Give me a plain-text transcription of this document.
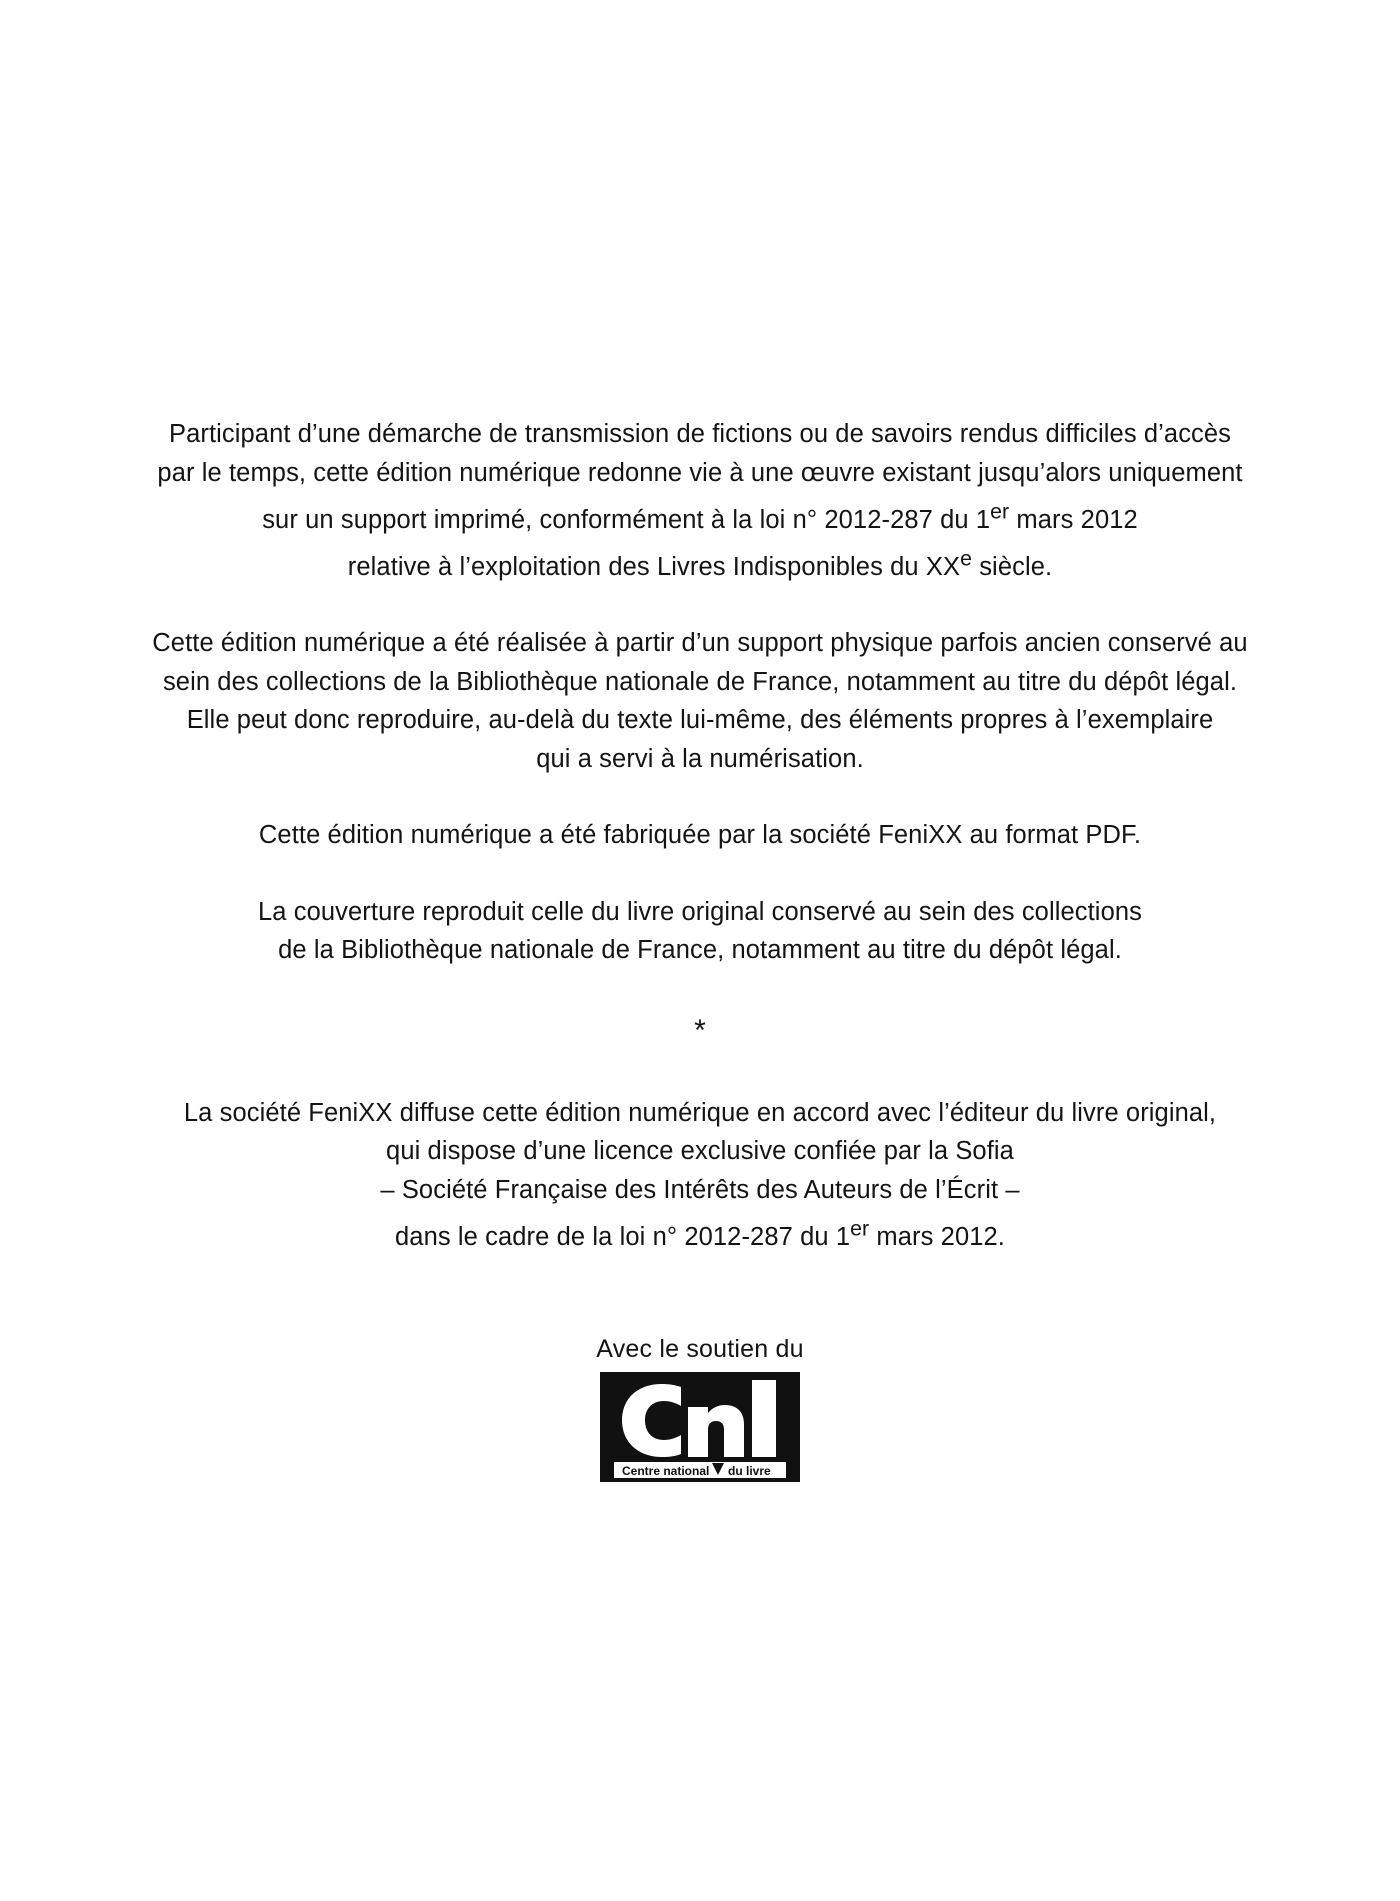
Participant d’une démarche de transmission de fictions ou de savoirs rendus difficiles d’accès
par le temps, cette édition numérique redonne vie à une œuvre existant jusqu’alors uniquement
sur un support imprimé, conformément à la loi n° 2012-287 du 1er mars 2012
relative à l’exploitation des Livres Indisponibles du XXe siècle.

Cette édition numérique a été réalisée à partir d’un support physique parfois ancien conservé au
sein des collections de la Bibliothèque nationale de France, notamment au titre du dépôt légal.
Elle peut donc reproduire, au-delà du texte lui-même, des éléments propres à l’exemplaire
qui a servi à la numérisation.

Cette édition numérique a été fabriquée par la société FeniXX au format PDF.

La couverture reproduit celle du livre original conservé au sein des collections
de la Bibliothèque nationale de France, notamment au titre du dépôt légal.

*

La société FeniXX diffuse cette édition numérique en accord avec l’éditeur du livre original,
qui dispose d’une licence exclusive confiée par la Sofia
– Société Française des Intérêts des Auteurs de l’Écrit –
dans le cadre de la loi n° 2012-287 du 1er mars 2012.

Avec le soutien du
Centre national du livre
